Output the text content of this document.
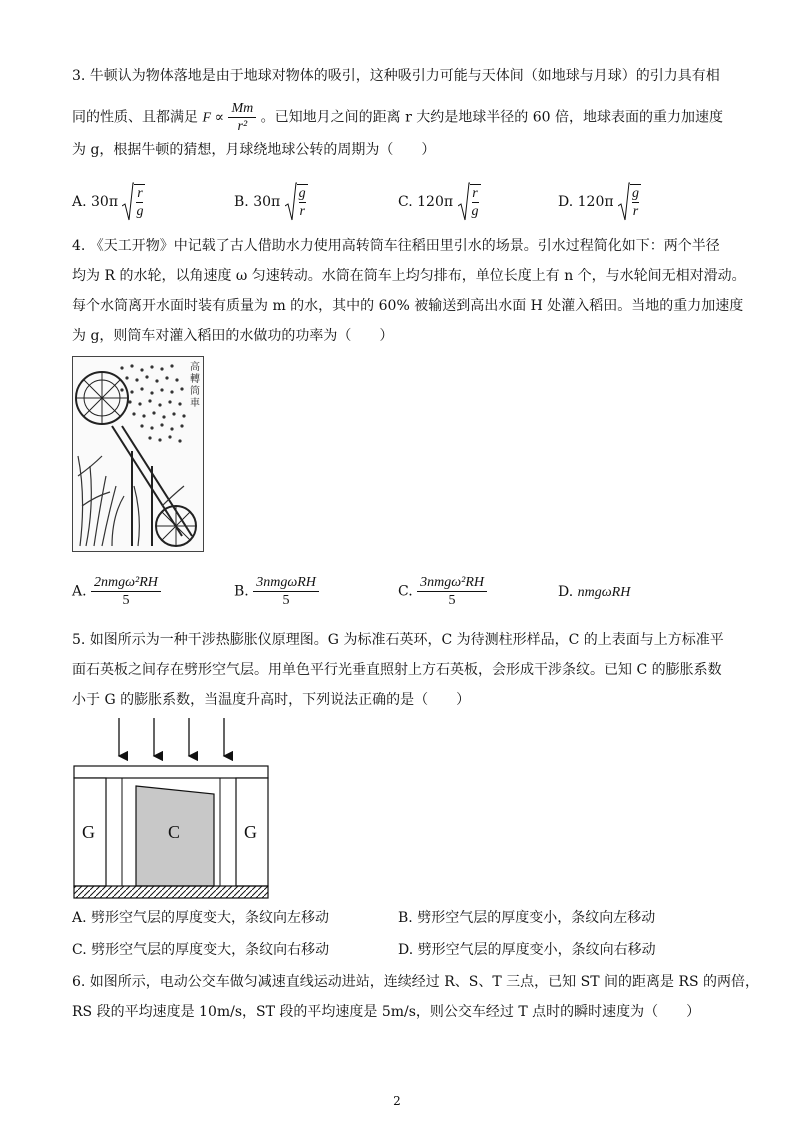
3. 牛顿认为物体落地是由于地球对物体的吸引，这种吸引力可能与天体间（如地球与月球）的引力具有相
同的性质、且都满足 $F \propto \frac{Mm}{\text{r²}}$ 。已知地月之间的距离 r 大约是地球半径的 60 倍，地球表面的重力加速度
为 g，根据牛顿的猜想，月球绕地球公转的周期为（　　）
A. $30\pi \frac{r}{g}$	B. $30\pi \frac{g}{r}$	C. $120\pi \frac{r}{g}$	D. $120\pi \frac{g}{r}$
4. 《天工开物》中记载了古人借助水力使用高转筒车往稻田里引水的场景。引水过程简化如下：两个半径
均为 R 的水轮，以角速度 ω 匀速转动。水筒在筒车上均匀排布，单位长度上有 n 个，与水轮间无相对滑动。
每个水筒离开水面时装有质量为 m 的水，其中的 60% 被输送到高出水面 H 处灌入稻田。当地的重力加速度
为 g，则筒车对灌入稻田的水做功的功率为（　　）
高
轉
筒
車
A. $\frac{\text{2nmgω²RH}}{5}$	B. $\frac{\text{3nmgωRH}}{5}$	C. $\frac{\text{3nmgω²RH}}{5}$	D. nmgωRH
5. 如图所示为一种干涉热膨胀仪原理图。G 为标准石英环，C 为待测柱形样品，C 的上表面与上方标准平
面石英板之间存在劈形空气层。用单色平行光垂直照射上方石英板，会形成干涉条纹。已知 C 的膨胀系数
小于 G 的膨胀系数，当温度升高时，下列说法正确的是（　　）
G	C	G
A. 劈形空气层的厚度变大，条纹向左移动	B. 劈形空气层的厚度变小，条纹向左移动
C. 劈形空气层的厚度变大，条纹向右移动	D. 劈形空气层的厚度变小，条纹向右移动
6. 如图所示，电动公交车做匀减速直线运动进站，连续经过 R、S、T 三点，已知 ST 间的距离是 RS 的两倍，
RS 段的平均速度是 10m/s，ST 段的平均速度是 5m/s，则公交车经过 T 点时的瞬时速度为（　　）
2
